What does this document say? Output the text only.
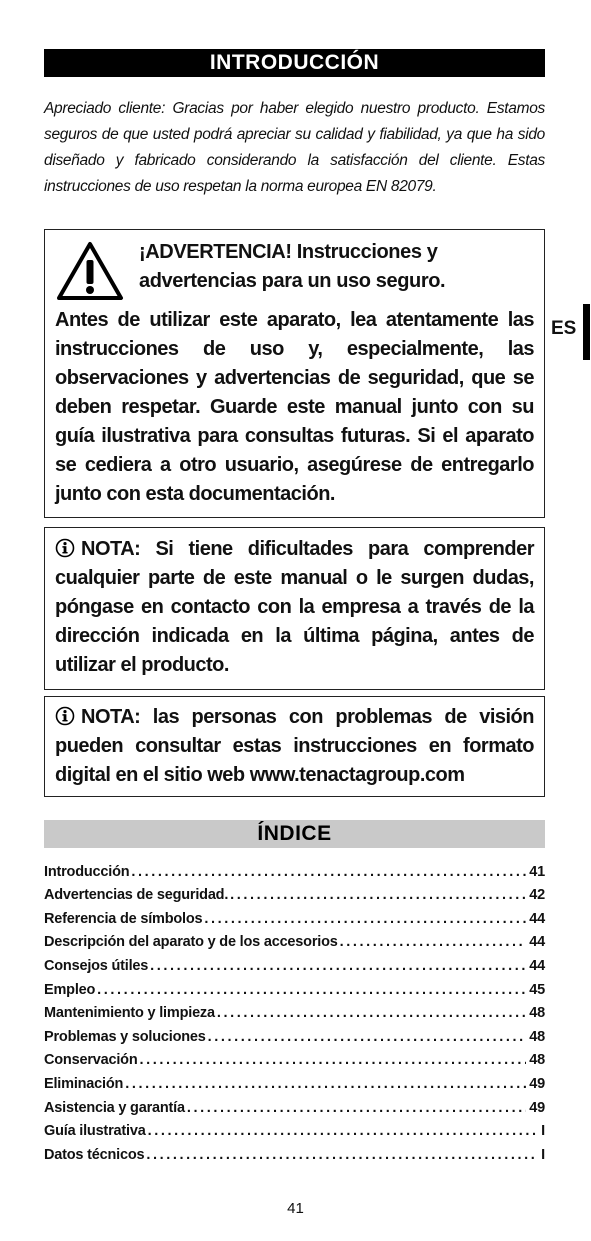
INTRODUCCIÓN

Apreciado cliente: Gracias por haber elegido nuestro producto. Estamos seguros de que usted podrá apreciar su calidad y fiabilidad, ya que ha sido diseñado y fabricado considerando la satisfacción del cliente. Estas instrucciones de uso respetan la norma europea EN 82079.

¡ADVERTENCIA! Instrucciones y advertencias para un uso seguro.
Antes de utilizar este aparato, lea atentamente las instrucciones de uso y, especialmente, las observaciones y advertencias de seguridad, que se deben respetar. Guarde este manual junto con su guía ilustrativa para consultas futuras. Si el aparato se cediera a otro usuario, asegúrese de entregarlo junto con esta documentación.
NOTA: Si tiene dificultades para comprender cualquier parte de este manual o le surgen dudas, póngase en contacto con la empresa a través de la dirección indicada en la última página, antes de utilizar el producto.
NOTA: las personas con problemas de visión pueden consultar estas instrucciones en formato digital en el sitio web www.tenactagroup.com
ES
ÍNDICE
Introducción .....	41
Advertencias de seguridad. .....	42
Referencia de símbolos .....	44
Descripción del aparato y de los accesorios .....	44
Consejos útiles .....	44
Empleo .....	45
Mantenimiento y limpieza .....	48
Problemas y soluciones .....	48
Conservación .....	48
Eliminación .....	49
Asistencia y garantía .....	49
Guía ilustrativa .....	I
Datos técnicos .....	I
41
